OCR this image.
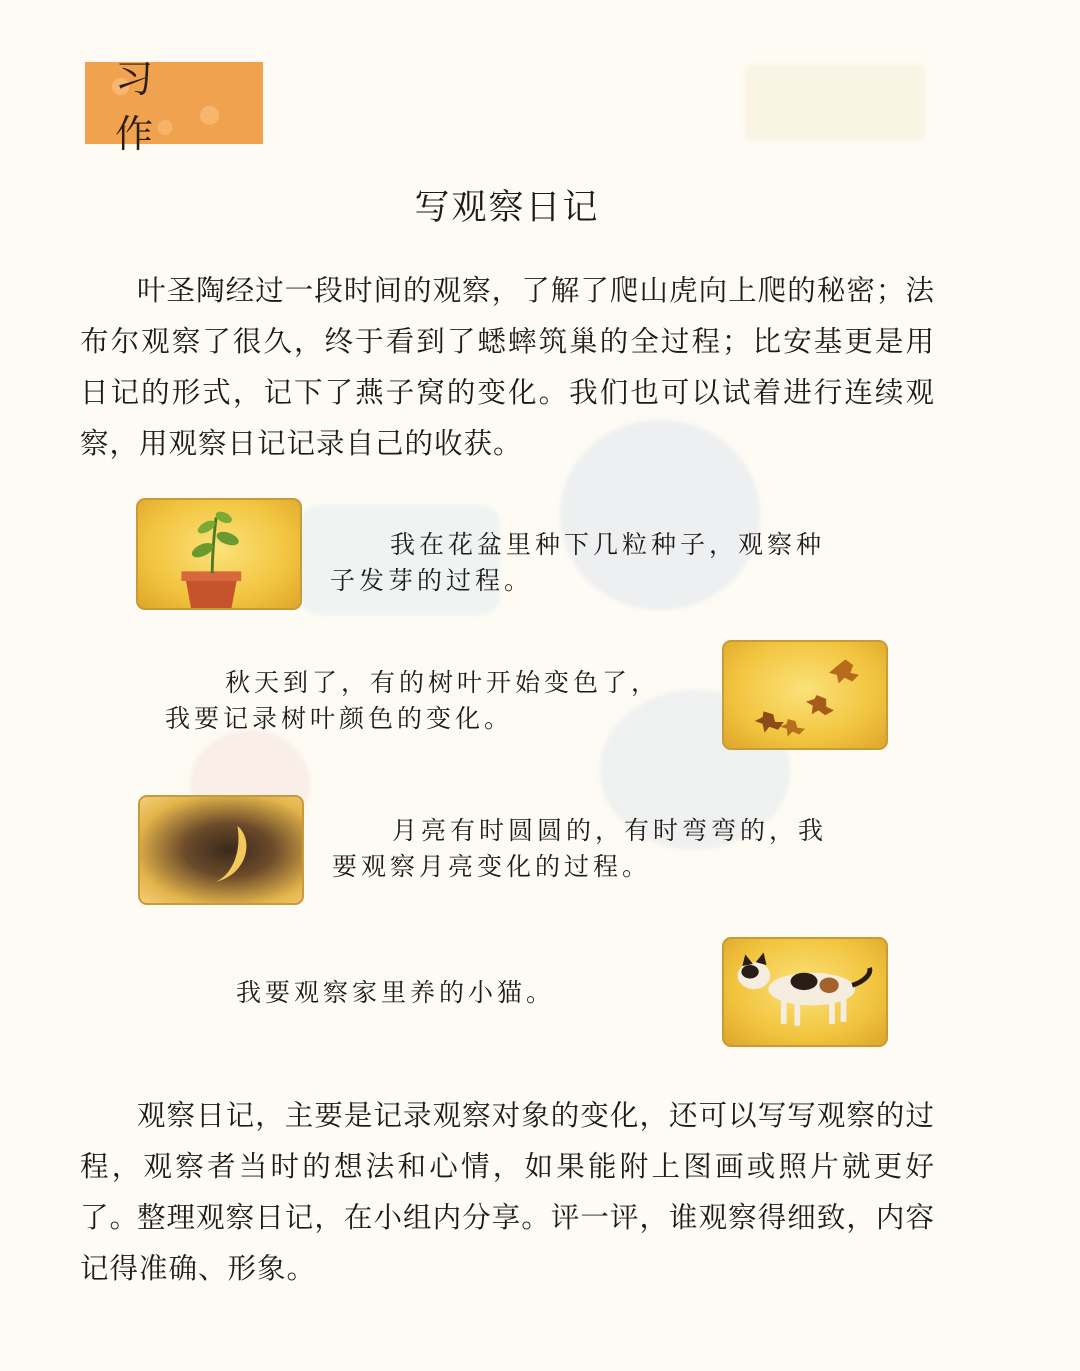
习 作
写观察日记
叶圣陶经过一段时间的观察，了解了爬山虎向上爬的秘密；法布尔观察了很久，终于看到了蟋蟀筑巢的全过程；比安基更是用日记的形式，记下了燕子窝的变化。我们也可以试着进行连续观察，用观察日记记录自己的收获。
我在花盆里种下几粒种子，观察种
子发芽的过程。
秋天到了，有的树叶开始变色了，
我要记录树叶颜色的变化。
月亮有时圆圆的，有时弯弯的，我
要观察月亮变化的过程。
我要观察家里养的小猫。
观察日记，主要是记录观察对象的变化，还可以写写观察的过程，观察者当时的想法和心情，如果能附上图画或照片就更好了。
整理观察日记，在小组内分享。评一评，谁观察得细致，内容记得准确、形象。
